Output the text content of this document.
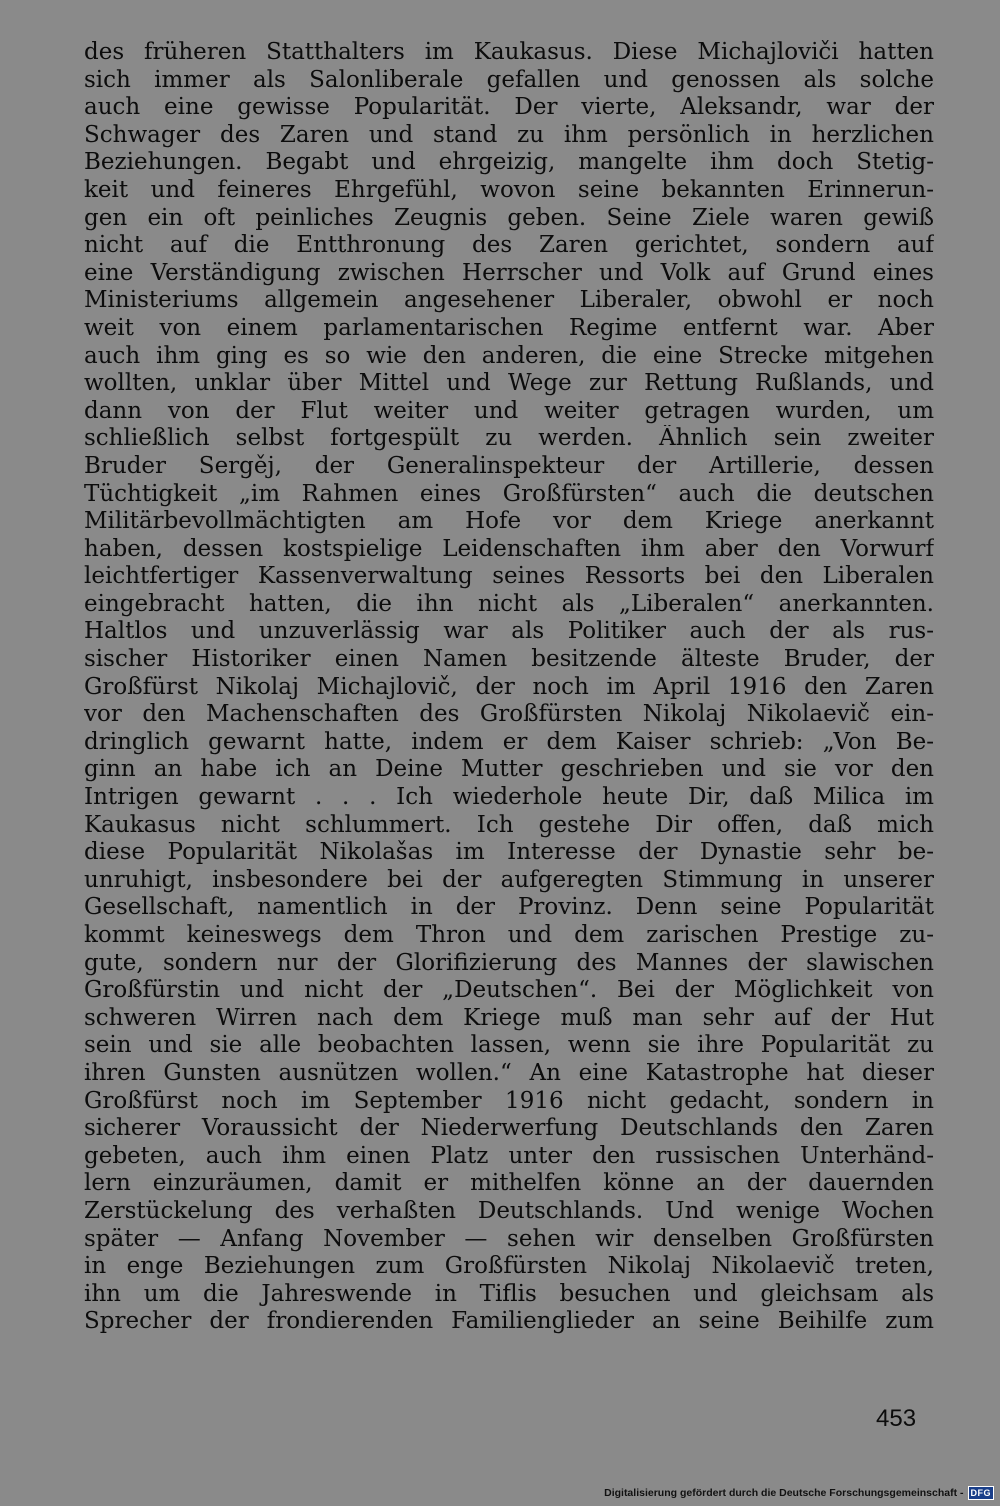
des früheren Statthalters im Kaukasus. Diese Michajloviči hatten
sich immer als Salonliberale gefallen und genossen als solche
auch eine gewisse Popularität. Der vierte, Aleksandr, war der
Schwager des Zaren und stand zu ihm persönlich in herzlichen
Beziehungen. Begabt und ehrgeizig, mangelte ihm doch Stetig-
keit und feineres Ehrgefühl, wovon seine bekannten Erinnerun-
gen ein oft peinliches Zeugnis geben. Seine Ziele waren gewiß
nicht auf die Entthronung des Zaren gerichtet, sondern auf
eine Verständigung zwischen Herrscher und Volk auf Grund eines
Ministeriums allgemein angesehener Liberaler, obwohl er noch
weit von einem parlamentarischen Regime entfernt war. Aber
auch ihm ging es so wie den anderen, die eine Strecke mitgehen
wollten, unklar über Mittel und Wege zur Rettung Rußlands, und
dann von der Flut weiter und weiter getragen wurden, um
schließlich selbst fortgespült zu werden. Ähnlich sein zweiter
Bruder Sergěj, der Generalinspekteur der Artillerie, dessen
Tüchtigkeit „im Rahmen eines Großfürsten“ auch die deutschen
Militärbevollmächtigten am Hofe vor dem Kriege anerkannt
haben, dessen kostspielige Leidenschaften ihm aber den Vorwurf
leichtfertiger Kassenverwaltung seines Ressorts bei den Liberalen
eingebracht hatten, die ihn nicht als „Liberalen“ anerkannten.
Haltlos und unzuverlässig war als Politiker auch der als rus-
sischer Historiker einen Namen besitzende älteste Bruder, der
Großfürst Nikolaj Michajlovič, der noch im April 1916 den Zaren
vor den Machenschaften des Großfürsten Nikolaj Nikolaevič ein-
dringlich gewarnt hatte, indem er dem Kaiser schrieb: „Von Be-
ginn an habe ich an Deine Mutter geschrieben und sie vor den
Intrigen gewarnt . . . Ich wiederhole heute Dir, daß Milica im
Kaukasus nicht schlummert. Ich gestehe Dir offen, daß mich
diese Popularität Nikolašas im Interesse der Dynastie sehr be-
unruhigt, insbesondere bei der aufgeregten Stimmung in unserer
Gesellschaft, namentlich in der Provinz. Denn seine Popularität
kommt keineswegs dem Thron und dem zarischen Prestige zu-
gute, sondern nur der Glorifizierung des Mannes der slawischen
Großfürstin und nicht der „Deutschen“. Bei der Möglichkeit von
schweren Wirren nach dem Kriege muß man sehr auf der Hut
sein und sie alle beobachten lassen, wenn sie ihre Popularität zu
ihren Gunsten ausnützen wollen.“ An eine Katastrophe hat dieser
Großfürst noch im September 1916 nicht gedacht, sondern in
sicherer Voraussicht der Niederwerfung Deutschlands den Zaren
gebeten, auch ihm einen Platz unter den russischen Unterhänd-
lern einzuräumen, damit er mithelfen könne an der dauernden
Zerstückelung des verhaßten Deutschlands. Und wenige Wochen
später — Anfang November — sehen wir denselben Großfürsten
in enge Beziehungen zum Großfürsten Nikolaj Nikolaevič treten,
ihn um die Jahreswende in Tiflis besuchen und gleichsam als
Sprecher der frondierenden Familienglieder an seine Beihilfe zum
453
Digitalisierung gefördert durch die Deutsche Forschungsgemeinschaft - DFG
